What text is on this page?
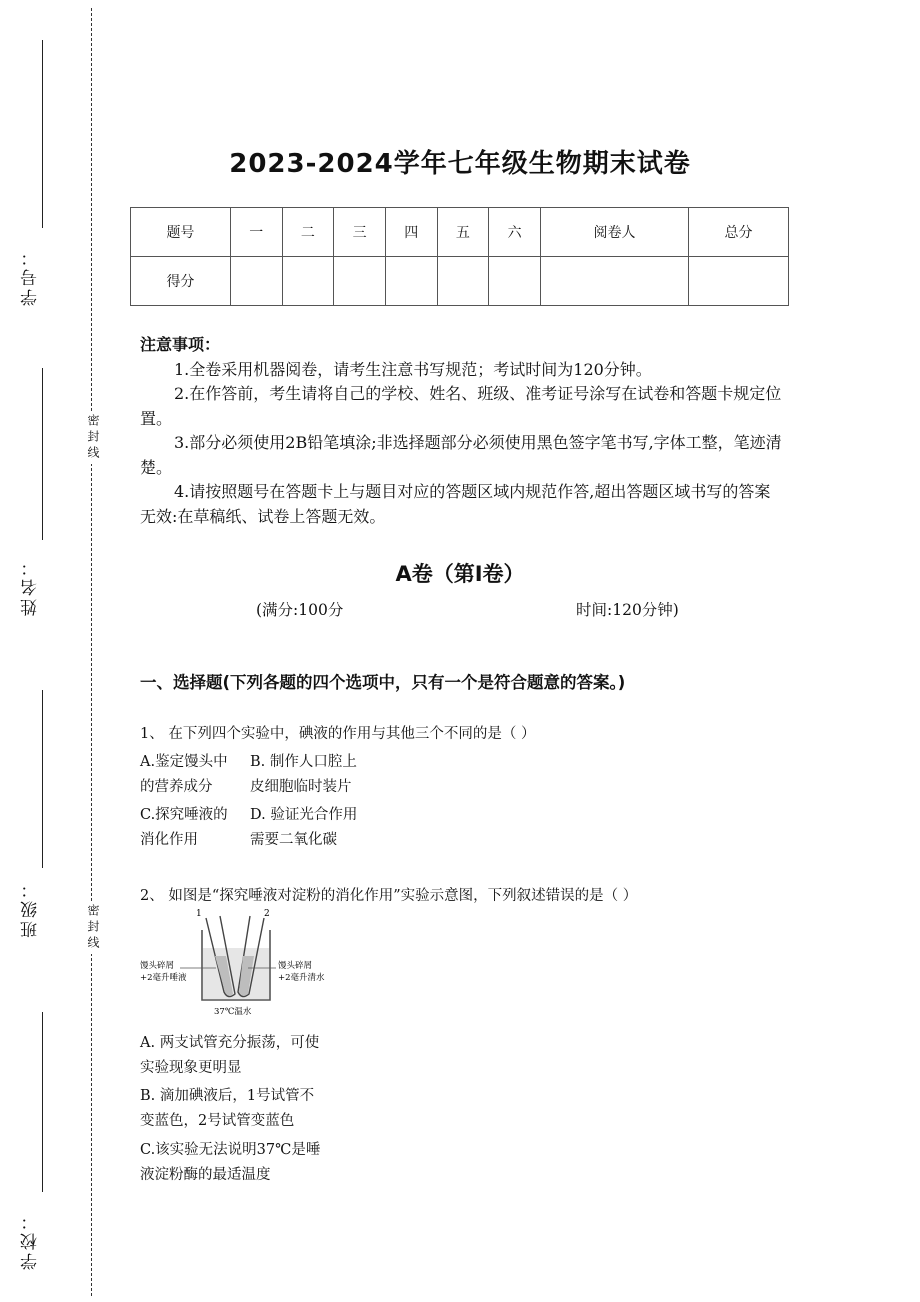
学号：
姓名：
班级：
学校：
密封线
密封线
2023-2024学年七年级生物期末试卷
题号	一	二	三	四	五	六	阅卷人	总分
得分								
注意事项：

1.全卷采用机器阅卷，请考生注意书写规范；考试时间为120分钟。

2.在作答前，考生请将自己的学校、姓名、班级、准考证号涂写在试卷和答题卡规定位置。

3.部分必须使用2B铅笔填涂;非选择题部分必须使用黑色签字笔书写,字体工整，笔迹清楚。

4.请按照题号在答题卡上与题目对应的答题区域内规范作答,超出答题区域书写的答案无效:在草稿纸、试卷上答题无效。

A卷（第Ⅰ卷）
(满分:100分	时间:120分钟)
一、选择题(下列各题的四个选项中，只有一个是符合题意的答案。)
1、 在下列四个实验中，碘液的作用与其他三个不同的是（ ）
A.鉴定馒头中
的营养成分
B. 制作人口腔上
皮细胞临时装片
C.探究唾液的
消化作用
D. 验证光合作用
需要二氧化碳
2、 如图是“探究唾液对淀粉的消化作用”实验示意图，下列叙述错误的是（ ）
1	2
馒头碎屑
+2毫升唾液
馒头碎屑
+2毫升清水
37℃温水
A. 两支试管充分振荡，可使
实验现象更明显
B. 滴加碘液后，1号试管不
变蓝色，2号试管变蓝色
C.该实验无法说明37℃是唾
液淀粉酶的最适温度
